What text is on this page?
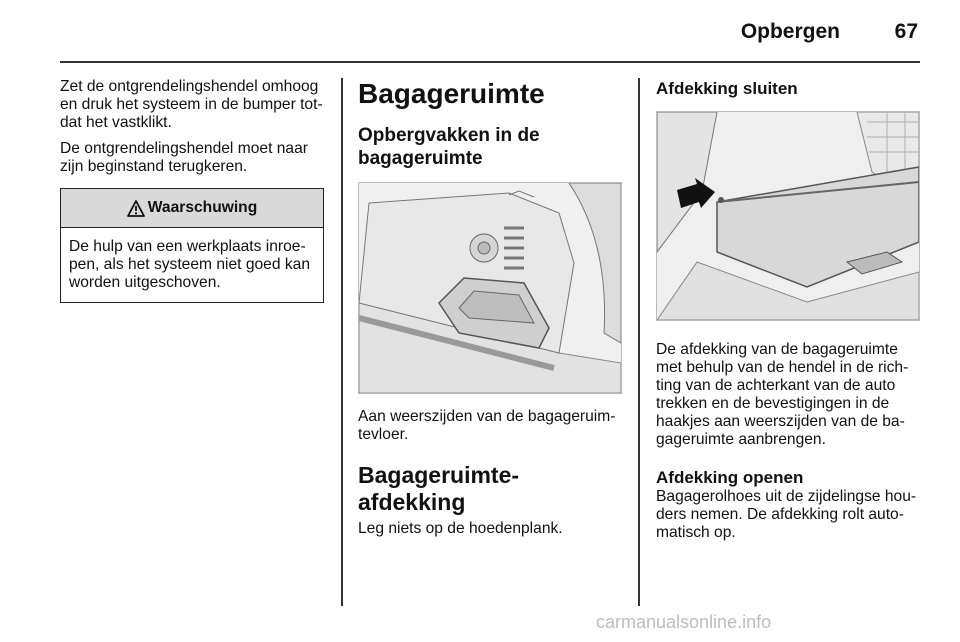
Opbergen	67

Zet de ontgrendelingshendel omhoog en druk het systeem in de bumper totdat het vastklikt.

De ontgrendelingshendel moet naar zijn beginstand terugkeren.

Waarschuwing

De hulp van een werkplaats inroepen, als het systeem niet goed kan worden uitgeschoven.

Bagageruimte

Opbergvakken in de bagageruimte

Aan weerszijden van de bagageruimtevloer.

Bagageruimte-afdekking

Leg niets op de hoedenplank.

Afdekking sluiten

De afdekking van de bagageruimte met behulp van de hendel in de richting van de achterkant van de auto trekken en de bevestigingen in de haakjes aan weerszijden van de bagageruimte aanbrengen.

Afdekking openen

Bagagerolhoes uit de zijdelingse houders nemen. De afdekking rolt automatisch op.

carmanualsonline.info
